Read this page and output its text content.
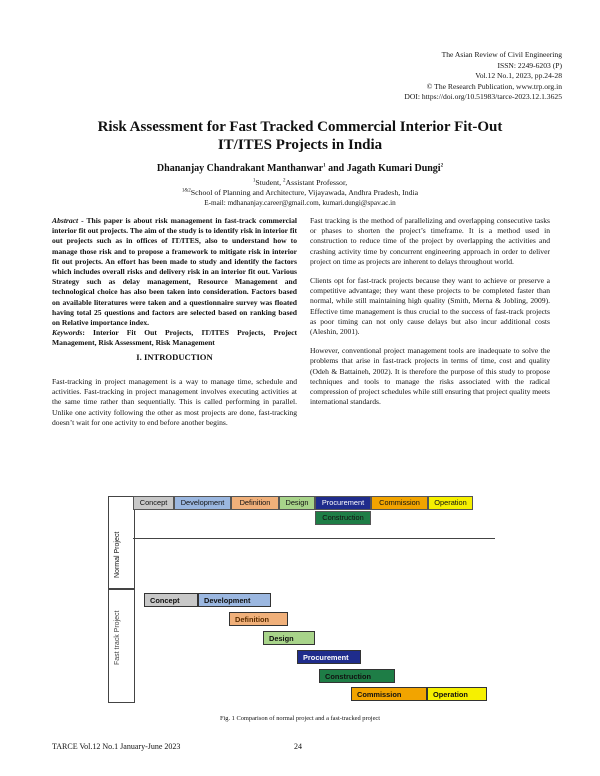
The Asian Review of Civil Engineering
ISSN: 2249-6203 (P)
Vol.12 No.1, 2023, pp.24-28
© The Research Publication, www.trp.org.in
DOI: https://doi.org/10.51983/tarce-2023.12.1.3625
Risk Assessment for Fast Tracked Commercial Interior Fit-Out
IT/ITES Projects in India
Dhananjay Chandrakant Manthanwar$^1$ and Jagath Kumari Dungi$^2$
$^1$Student, $^2$Assistant Professor,
$^{1\&2}$School of Planning and Architecture, Vijayawada, Andhra Pradesh, India
E-mail: mdhananjay.career@gmail.com, kumari.dungi@spav.ac.in
Abstract - This paper is about risk management in fast-track commercial interior fit out projects. The aim of the study is to identify risk in interior fit out projects such as in offices of IT/ITES, also to understand how to manage those risk and to propose a framework to mitigate risk in interior fit out projects. An effort has been made to study and identify the factors which includes overall risks and delivery risk in an interior fit out. Various Strategy such as delay management, Resource Management and technological choice has also been taken into consideration. Factors based on available literatures were taken and a questionnaire survey was floated having total 25 questions and factors are selected based on ranking based on Relative importance index.
Keywords: Interior Fit Out Projects, IT/ITES Projects, Project Management, Risk Assessment, Risk Management
I. INTRODUCTION
Fast-tracking in project management is a way to manage time, schedule and activities. Fast-tracking in project management involves executing activities at the same time rather than sequentially. This is called performing in parallel. Unlike one activity following the other as most projects are done, fast-tracking doesn’t wait for one activity to end before another begins.

Fast tracking is the method of parallelizing and overlapping consecutive tasks or phases to shorten the project’s timeframe. It is a method used in construction to reduce time of the project by overlapping the activities and crashing activity time by concurrent engineering approach in order to deliver project on time as projects are inherent to delays throughout world.

Clients opt for fast-track projects because they want to achieve or preserve a competitive advantage; they want these projects to be completed faster than normal, while still maintaining high quality (Smith, Merna & Jobling, 2009). Effective time management is thus crucial to the success of fast-track projects as poor timing can not only cause delays but also incur additional costs (Aleshin, 2001).

However, conventional project management tools are inadequate to solve the problems that arise in fast-track projects in terms of time, cost and quality (Odeh & Battaineh, 2002). It is therefore the purpose of this study to propose techniques and tools to manage the risks associated with the radical compression of project schedules while still ensuring that project quality meets international standards.

Normal Project
Concept	Development	Definition	Design	Procurement	Commission	Operation
Construction
Fast track Project
Concept	Development
Definition
Design
Procurement
Construction
Commission	Operation
Fig. 1 Comparison of normal project and a fast-tracked project
TARCE Vol.12 No.1 January-June 2023	24
